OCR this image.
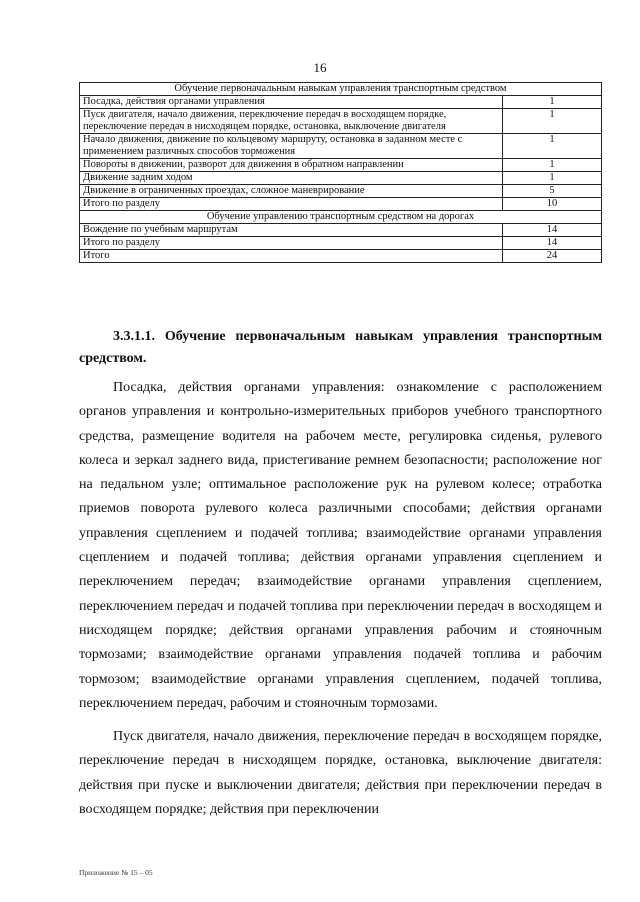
16
Обучение первоначальным навыкам управления транспортным средством	
Посадка, действия органами управления	1
Пуск двигателя, начало движения, переключение передач в восходящем порядке, переключение передач в нисходящем порядке, остановка, выключение двигателя	1
Начало движения, движение по кольцевому маршруту, остановка в заданном месте с применением различных способов торможения	1
Повороты в движении, разворот для движения в обратном направлении	1
Движение задним ходом	1
Движение в ограниченных проездах, сложное маневрирование	5
Итого по разделу	10
Обучение управлению транспортным средством на дорогах	
Вождение по учебным маршрутам	14
Итого по разделу	14
Итого	24
3.3.1.1. Обучение первоначальным навыкам управления транспортным средством.

Посадка, действия органами управления: ознакомление с расположением органов управления и контрольно-измерительных приборов учебного транспортного средства, размещение водителя на рабочем месте, регулировка сиденья, рулевого колеса и зеркал заднего вида, пристегивание ремнем безопасности; расположение ног на педальном узле; оптимальное расположение рук на рулевом колесе; отработка приемов поворота рулевого колеса различными способами; действия органами управления сцеплением и подачей топлива; взаимодействие органами управления сцеплением и подачей топлива; действия органами управления сцеплением и переключением передач; взаимодействие органами управления сцеплением, переключением передач и подачей топлива при переключении передач в восходящем и нисходящем порядке; действия органами управления рабочим и стояночным тормозами; взаимодействие органами управления подачей топлива и рабочим тормозом; взаимодействие органами управления сцеплением, подачей топлива, переключением передач, рабочим и стояночным тормозами.

Пуск двигателя, начало движения, переключение передач в восходящем порядке, переключение передач в нисходящем порядке, остановка, выключение двигателя: действия при пуске и выключении двигателя; действия при переключении передач в восходящем порядке; действия при переключении

Приложение № 15 – 05
